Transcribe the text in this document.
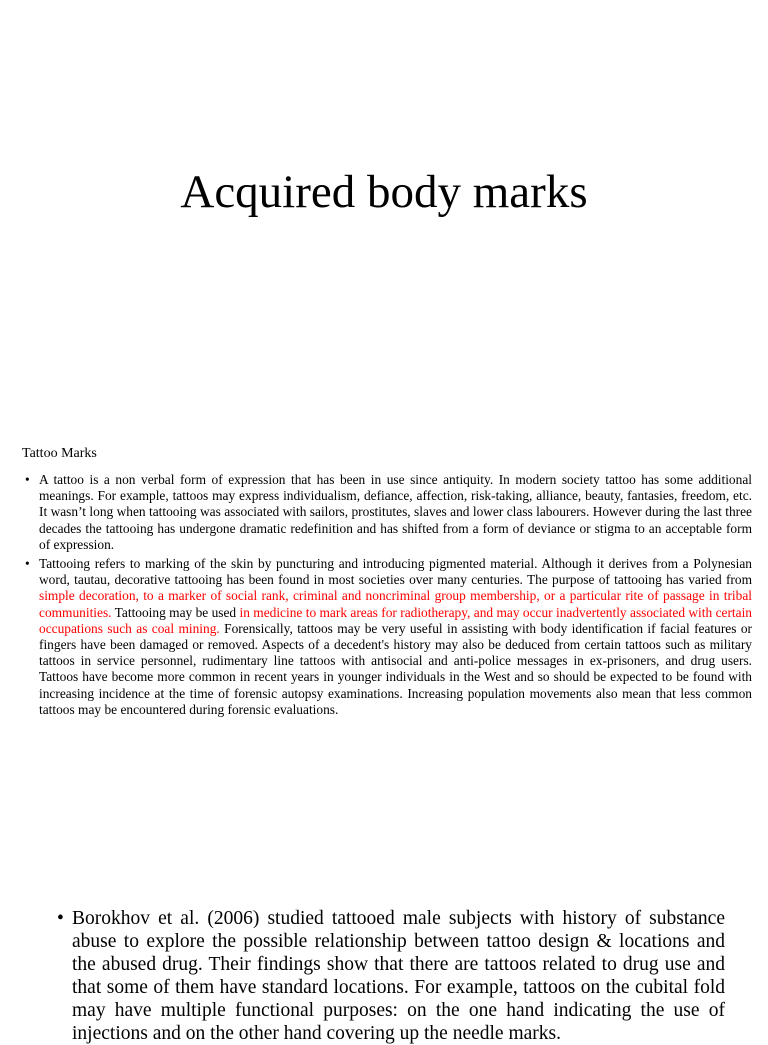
Acquired body marks
Tattoo Marks
• A tattoo is a non verbal form of expression that has been in use since antiquity. In modern society tattoo has some additional meanings. For example, tattoos may express individualism, defiance, affection, risk-taking, alliance, beauty, fantasies, freedom, etc. It wasn’t long when tattooing was associated with sailors, prostitutes, slaves and lower class labourers. However during the last three decades the tattooing has undergone dramatic redefinition and has shifted from a form of deviance or stigma to an acceptable form of expression.
• Tattooing refers to marking of the skin by puncturing and introducing pigmented material. Although it derives from a Polynesian word, tautau, decorative tattooing has been found in most societies over many centuries. The purpose of tattooing has varied from simple decoration, to a marker of social rank, criminal and noncriminal group membership, or a particular rite of passage in tribal communities. Tattooing may be used in medicine to mark areas for radiotherapy, and may occur inadvertently associated with certain occupations such as coal mining. Forensically, tattoos may be very useful in assisting with body identification if facial features or fingers have been damaged or removed. Aspects of a decedent's history may also be deduced from certain tattoos such as military tattoos in service personnel, rudimentary line tattoos with antisocial and anti-police messages in ex-prisoners, and drug users. Tattoos have become more common in recent years in younger individuals in the West and so should be expected to be found with increasing incidence at the time of forensic autopsy examinations. Increasing population movements also mean that less common tattoos may be encountered during forensic evaluations.
• Borokhov et al. (2006) studied tattooed male subjects with history of substance abuse to explore the possible relationship between tattoo design & locations and the abused drug. Their findings show that there are tattoos related to drug use and that some of them have standard locations. For example, tattoos on the cubital fold may have multiple functional purposes: on the one hand indicating the use of injections and on the other hand covering up the needle marks.
